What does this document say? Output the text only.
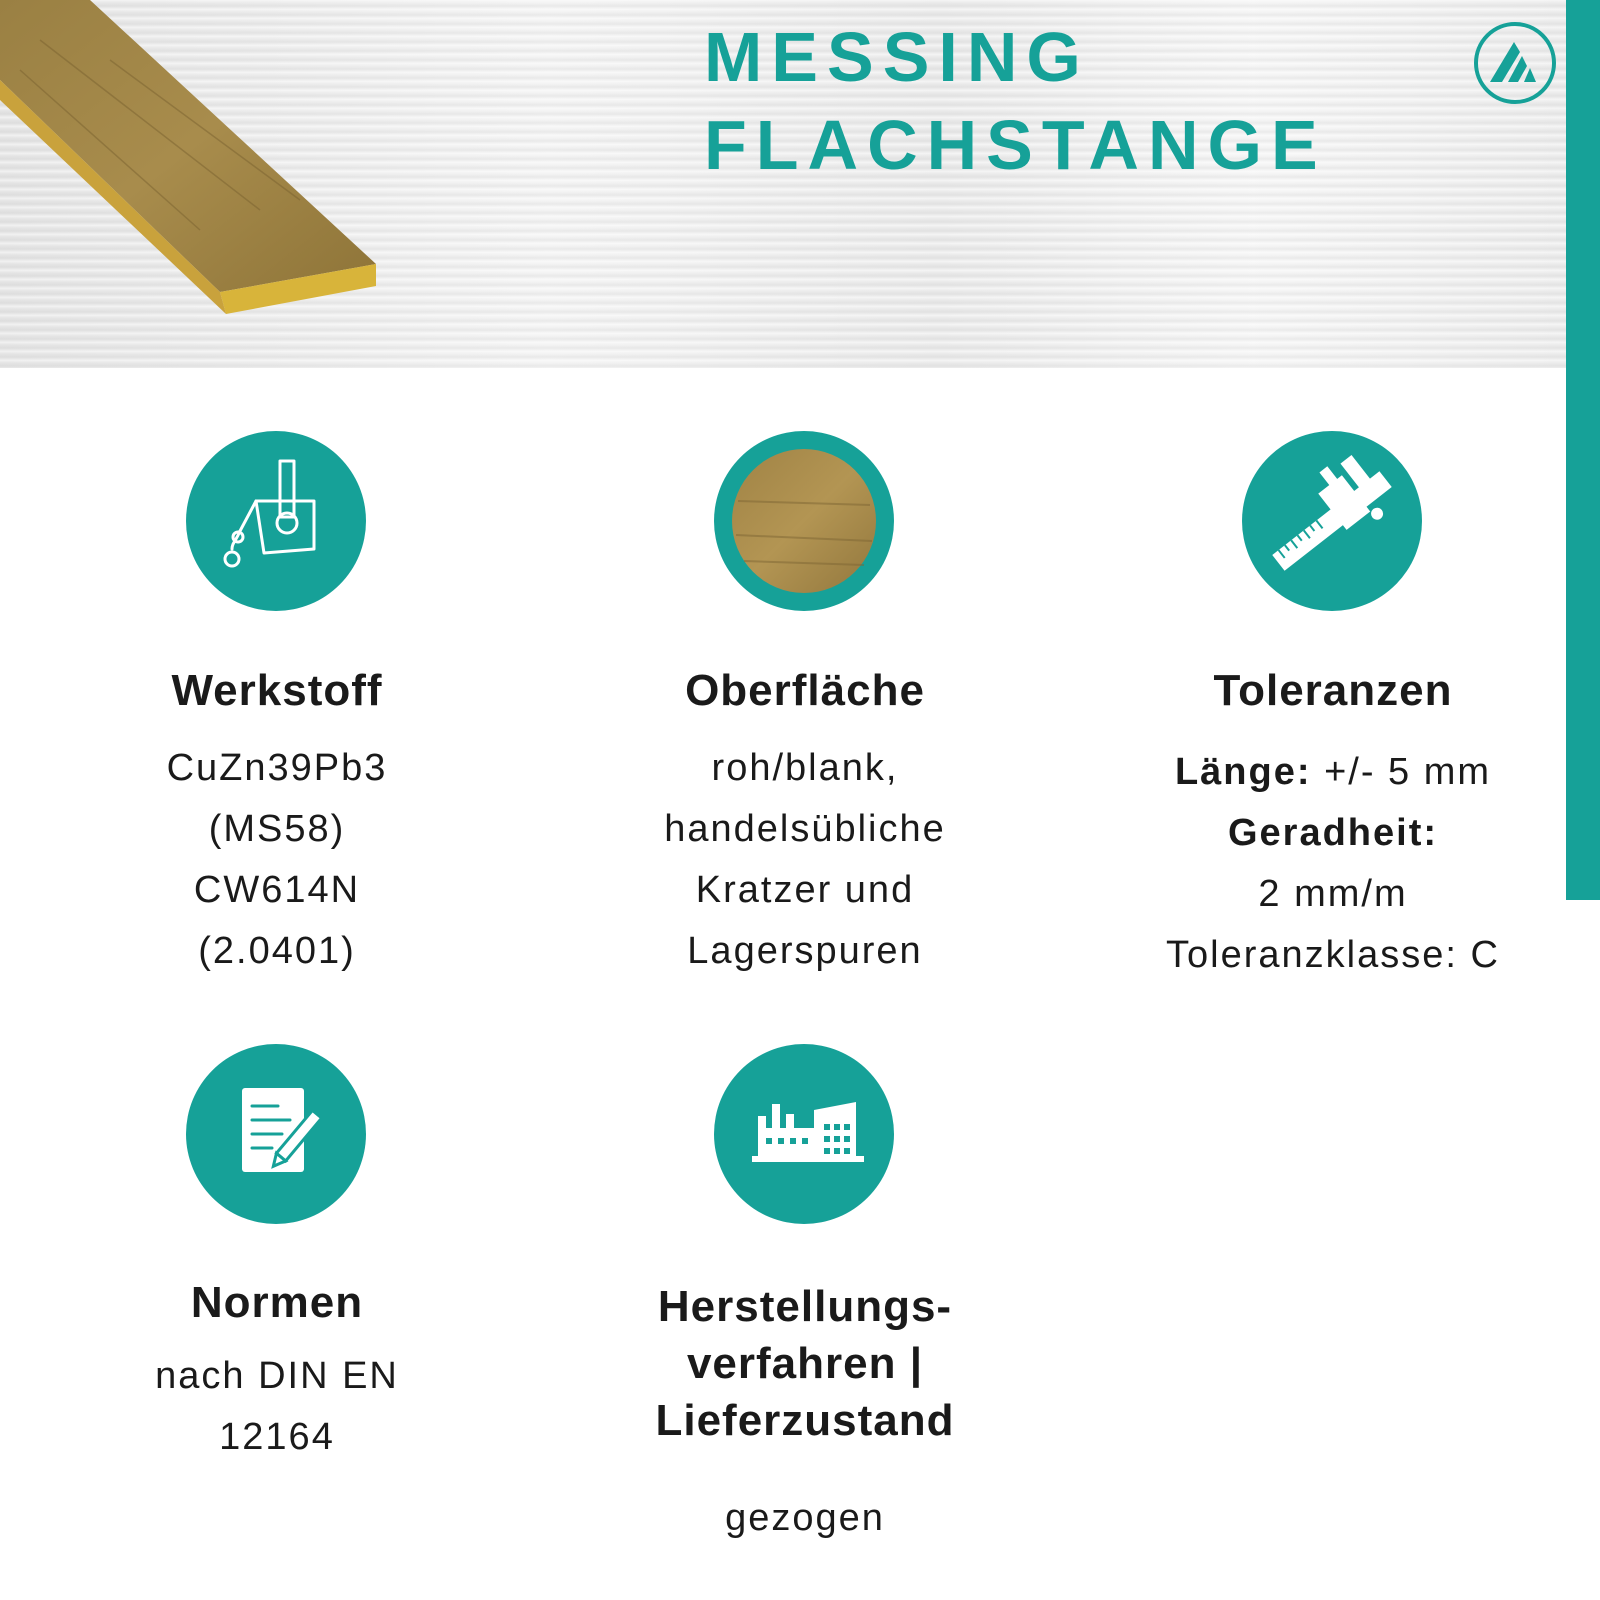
MESSING
FLACHSTANGE
Werkstoff
CuZn39Pb3
(MS58)
CW614N
(2.0401)
Oberfläche
roh/blank,
handelsübliche
Kratzer und
Lagerspuren
Toleranzen
Länge: +/- 5 mm
Geradheit:
2 mm/m
Toleranzklasse: C
Normen
nach DIN EN
12164
Herstellungs-
verfahren |
Lieferzustand
gezogen
